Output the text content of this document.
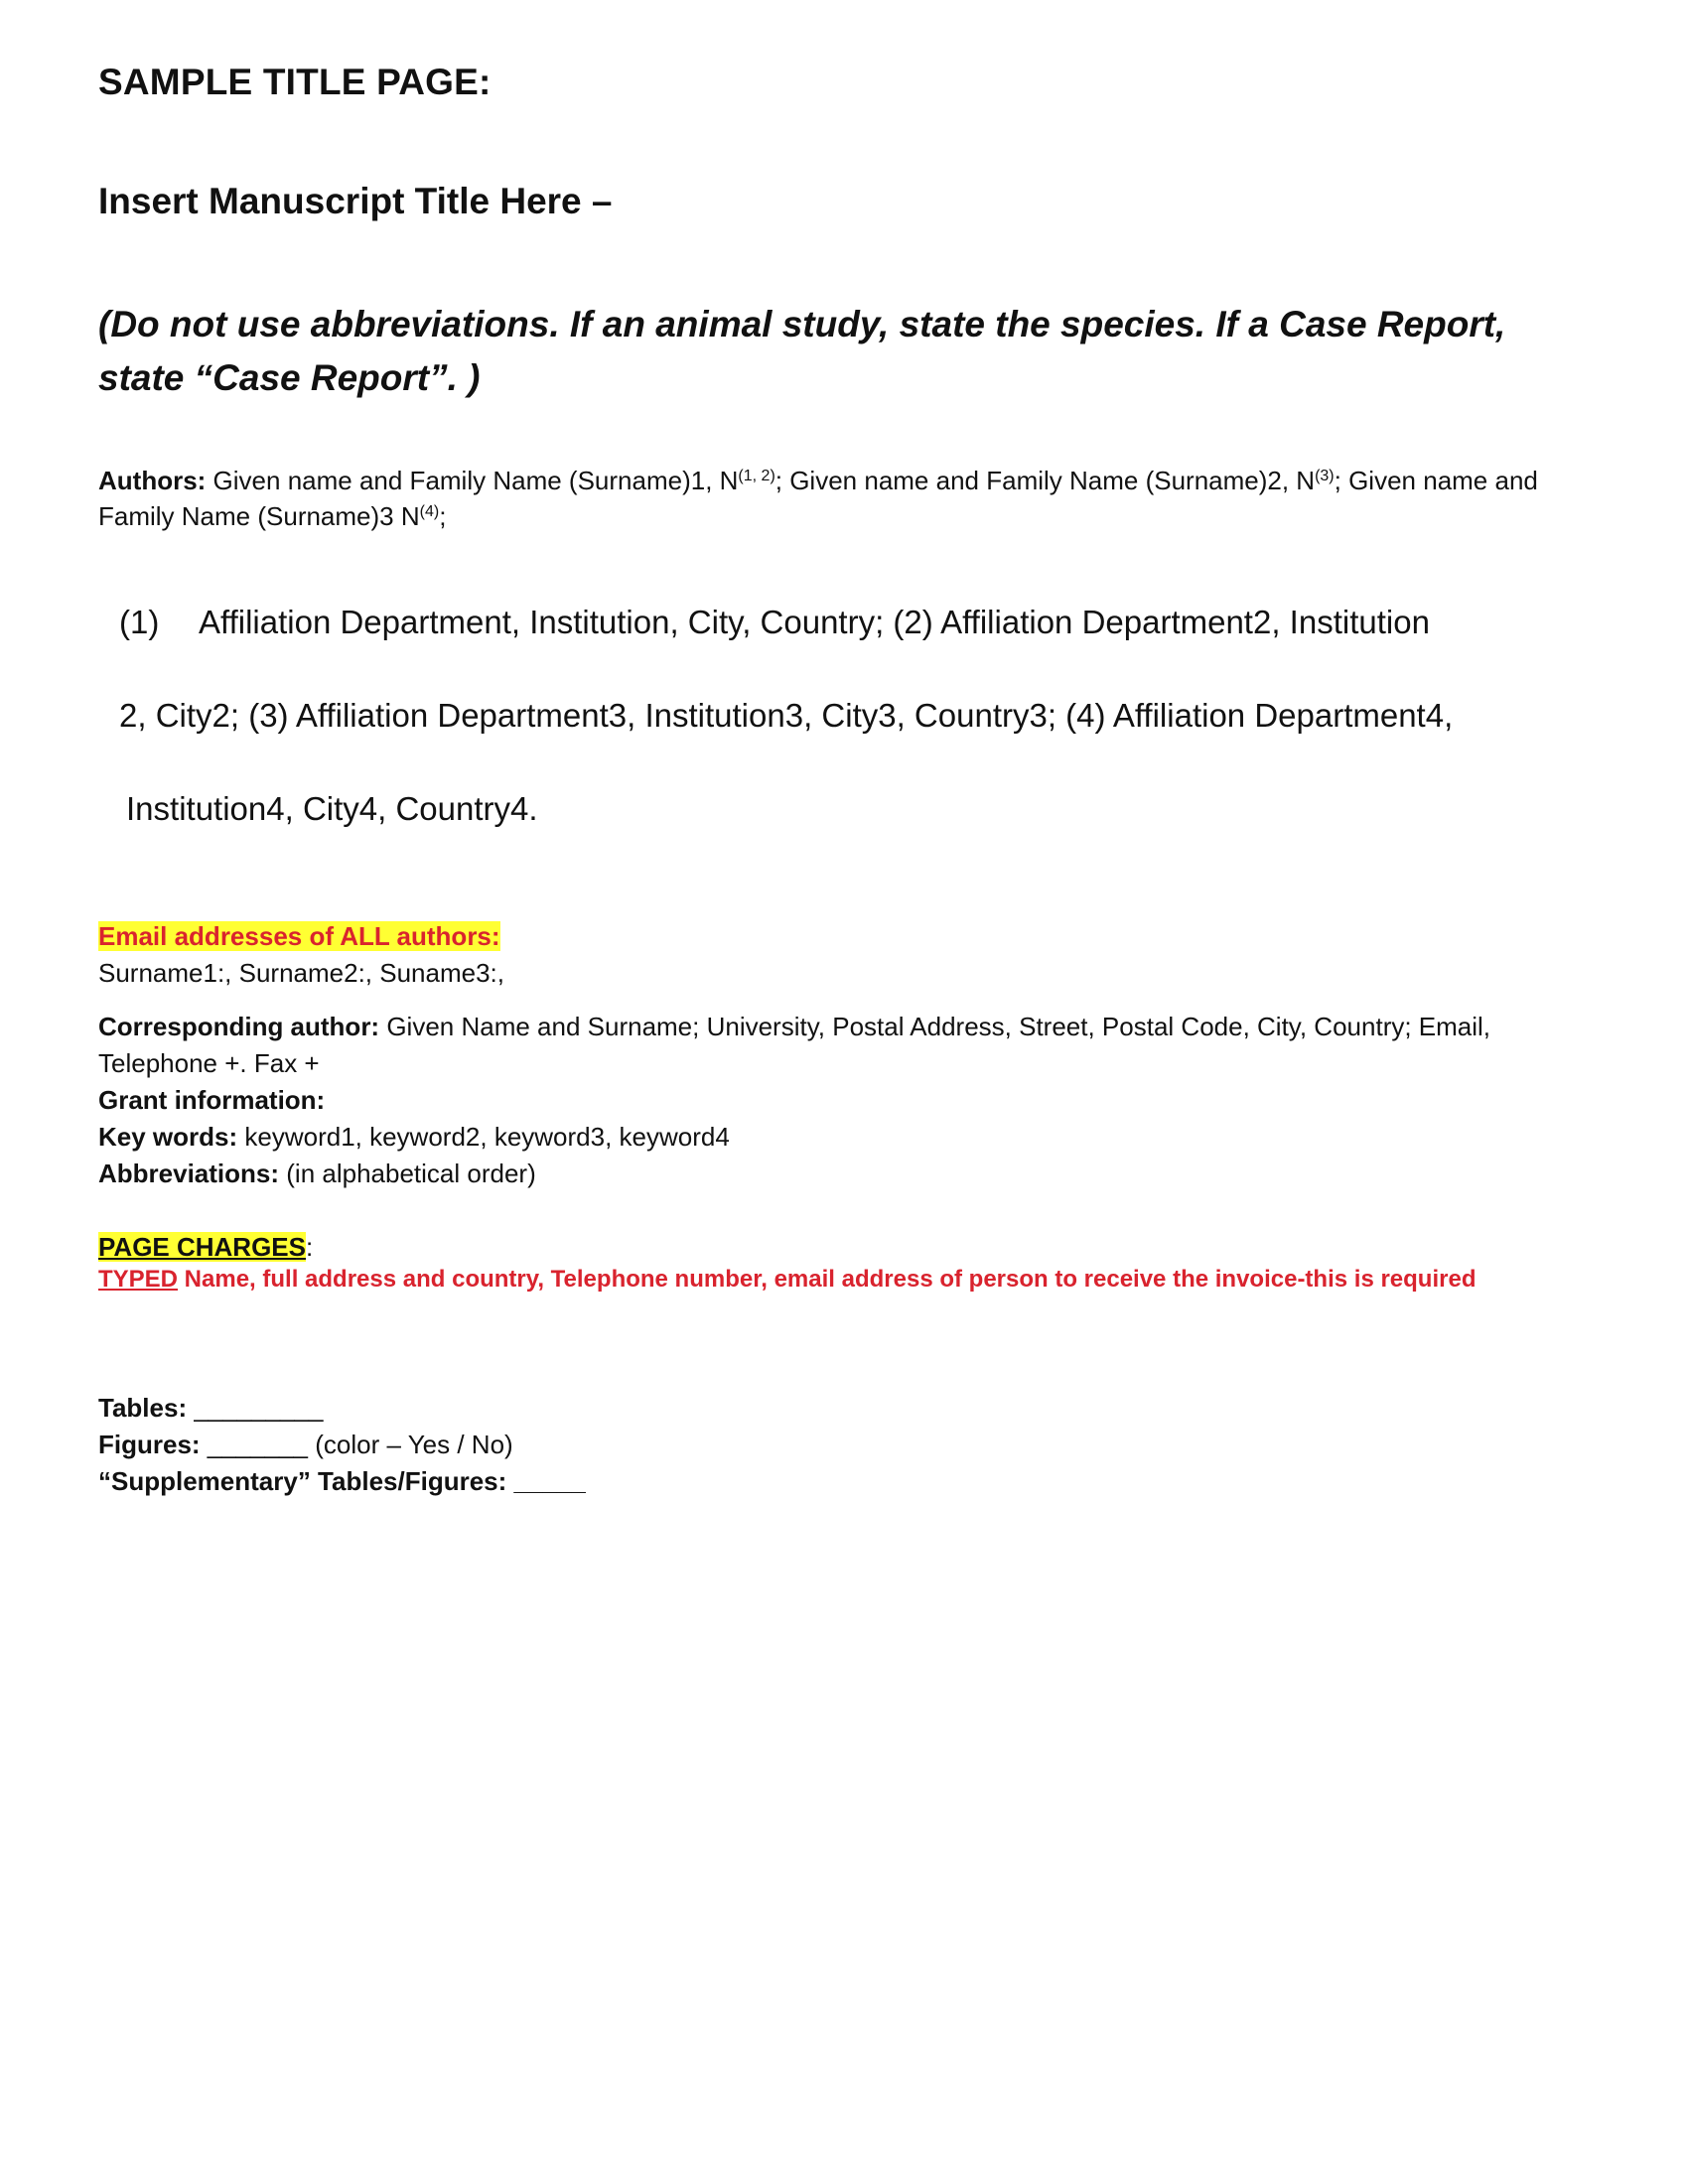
SAMPLE TITLE PAGE:
Insert Manuscript Title Here –
(Do not use abbreviations. If an animal study, state the species. If a Case Report, state “Case Report”. )
Authors: Given name and Family Name (Surname)1, N$^{(1, 2)}$; Given name and Family Name (Surname)2, $N^{(3)}$; Given name and Family Name (Surname)3 $N^{(4)}$;
(1) Affiliation Department, Institution, City, Country; (2) Affiliation Department2, Institution
2, City2; (3) Affiliation Department3, Institution3, City3, Country3; (4) Affiliation Department4,
Institution4, City4, Country4.
Email addresses of ALL authors:
Surname1:, Surname2:, Suname3:,
Corresponding author: Given Name and Surname; University, Postal Address, Street, Postal Code, City, Country; Email, Telephone +. Fax +
Grant information:
Key words: keyword1, keyword2, keyword3, keyword4
Abbreviations: (in alphabetical order)
PAGE CHARGES:
TYPED Name, full address and country, Telephone number, email address of person to receive the invoice-this is required
Tables: _________
Figures: _______ (color – Yes / No)
“Supplementary” Tables/Figures: _____
